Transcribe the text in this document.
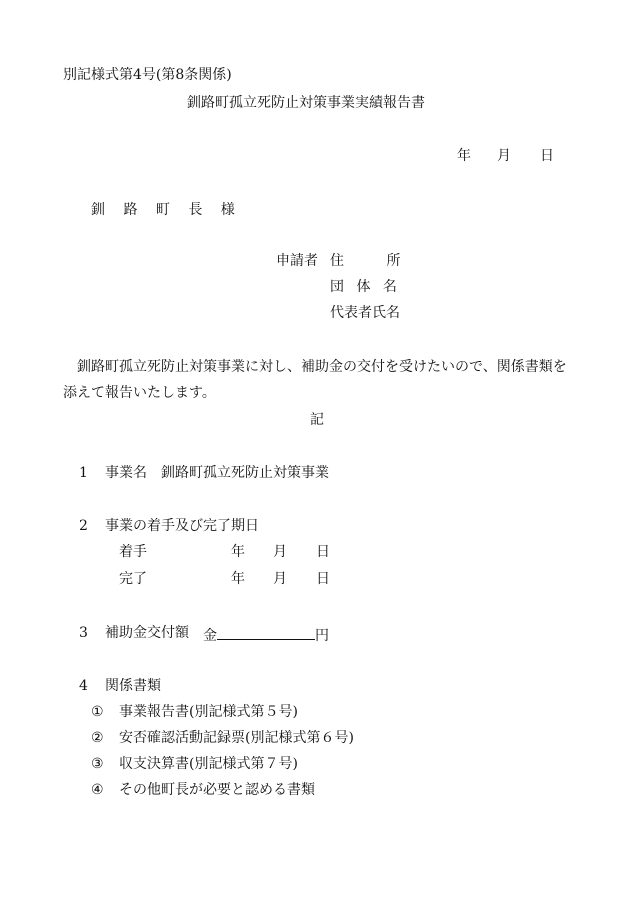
別記様式第4号(第8条関係)
釧路町孤立死防止対策事業実績報告書
年 月 日
釧 路 町 長 様
申請者 住 所
団 体 名
代表者氏名
釧路町孤立死防止対策事業に対し、補助金の交付を受けたいので、関係書類を
添えて報告いたします。
記
1 事業名 釧路町孤立死防止対策事業
2 事業の着手及び完了期日
着手	年 月 日
完了	年 月 日
3 補助金交付額 金	円
4 関係書類
① 事業報告書(別記様式第５号)
② 安否確認活動記録票(別記様式第６号)
③ 収支決算書(別記様式第７号)
④ その他町長が必要と認める書類
